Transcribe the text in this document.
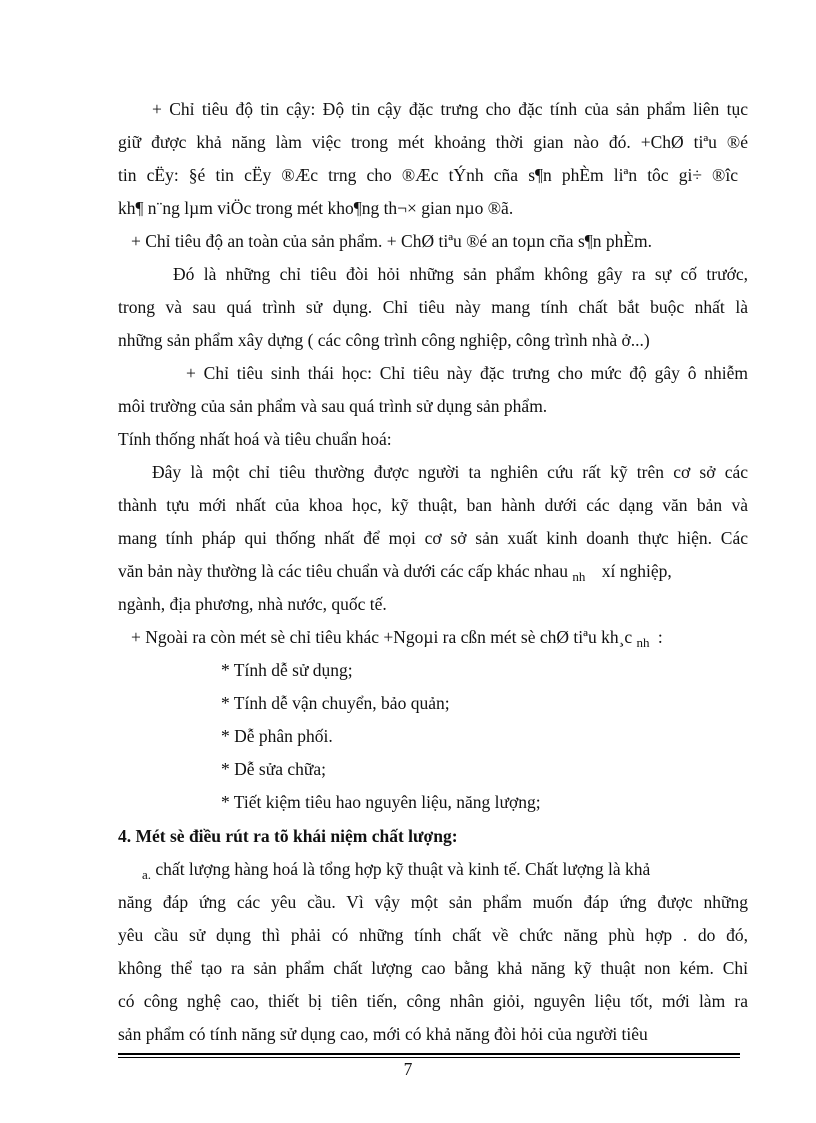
+ Chỉ tiêu độ tin cậy: Độ tin cậy đặc trưng cho đặc tính của sản phẩm liên tục
giữ được khả năng làm việc trong mét khoảng thời gian nào đó. +ChØ tiªu ®é
tin cËy: §é tin cËy ®Æc trng cho ®Æc tÝnh cña s¶n phÈm liªn tôc gi÷ ®îc
kh¶ n¨ng lµm viÖc trong mét kho¶ng th¬× gian nµo ®ã.
+ Chỉ tiêu độ an toàn của sản phẩm. + ChØ tiªu ®é an toµn cña s¶n phÈm.
Đó là những chỉ tiêu đòi hỏi những sản phẩm không gây ra sự cố trước,
trong và sau quá trình sử dụng. Chỉ tiêu này mang tính chất bắt buộc nhất là
những sản phẩm xây dựng ( các công trình công nghiệp, công trình nhà ở...)
+ Chỉ tiêu sinh thái học: Chỉ tiêu này đặc trưng cho mức độ gây ô nhiễm
môi trường của sản phẩm và sau quá trình sử dụng sản phẩm.
Tính thống nhất hoá và tiêu chuẩn hoá:
Đây là một chỉ tiêu thường được người ta nghiên cứu rất kỹ trên cơ sở các
thành tựu mới nhất của khoa học, kỹ thuật, ban hành dưới các dạng văn bản và
mang tính pháp qui thống nhất để mọi cơ sở sản xuất kinh doanh thực hiện. Các
văn bản này thường là các tiêu chuẩn và dưới các cấp khác nhau $_{nh}$ xí nghiệp,
ngành, địa phương, nhà nước, quốc tế.
+ Ngoài ra còn mét sè chỉ tiêu khác +Ngoµi ra cßn mét sè chØ tiªu kh¸c $_{nh}$ :
* Tính dễ sử dụng;
* Tính dễ vận chuyển, bảo quản;
* Dễ phân phối.
* Dễ sửa chữa;
* Tiết kiệm tiêu hao nguyên liệu, năng lượng;
4. Mét sè điều rút ra tõ khái niệm chất lượng:
$_{a.}$ chất lượng hàng hoá là tổng hợp kỹ thuật và kinh tế. Chất lượng là khả
năng đáp ứng các yêu cầu. Vì vậy một sản phẩm muốn đáp ứng được những
yêu cầu sử dụng thì phải có những tính chất về chức năng phù hợp . do đó,
không thể tạo ra sản phẩm chất lượng cao bằng khả năng kỹ thuật non kém. Chỉ
có công nghệ cao, thiết bị tiên tiến, công nhân giỏi, nguyên liệu tốt, mới làm ra
sản phẩm có tính năng sử dụng cao, mới có khả năng đòi hỏi của người tiêu
7
